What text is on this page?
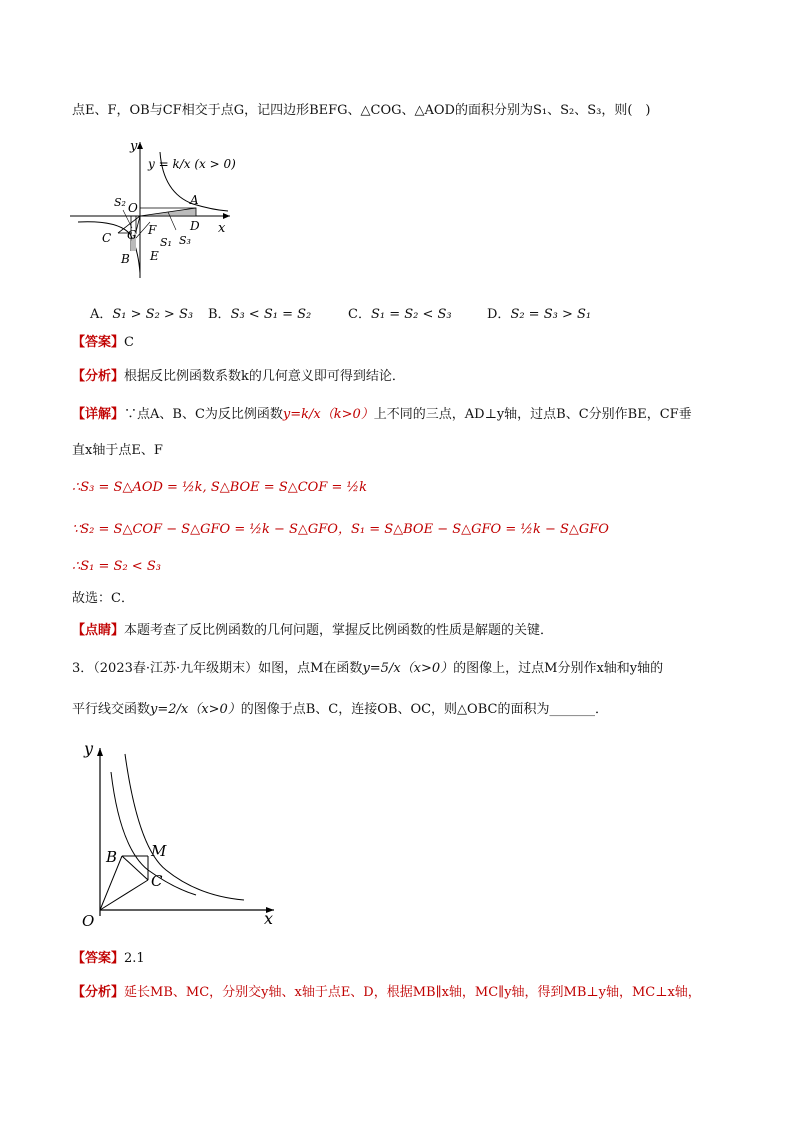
点E、F，OB与CF相交于点G，记四边形BEFG、△COG、△AOD的面积分别为S₁、S₂、S₃，则(　)
y
x
y = k/x (x > 0)
O
A
D
C G F
B E
S₂
S₁ S₃
A．S₁ > S₂ > S₃ B．S₃ < S₁ = S₂	C．S₁ = S₂ < S₃	D．S₂ = S₃ > S₁
【答案】C
【分析】根据反比例函数系数k的几何意义即可得到结论．
【详解】∵点A、B、C为反比例函数y=k/x（k>0）上不同的三点，AD⊥y轴，过点B、C分别作BE，CF垂
直x轴于点E、F
∴S₃ = S△AOD = ½k, S△BOE = S△COF = ½k
∵S₂ = S△COF − S△GFO = ½k − S△GFO，S₁ = S△BOE − S△GFO = ½k − S△GFO
∴S₁ = S₂ < S₃
故选：C．
【点睛】本题考查了反比例函数的几何问题，掌握反比例函数的性质是解题的关键．
3．（2023春·江苏·九年级期末）如图，点M在函数y=5/x（x>0）的图像上，过点M分别作x轴和y轴的
平行线交函数y=2/x（x>0）的图像于点B、C，连接OB、OC，则△OBC的面积为_______．
y
x
O
B M
C
【答案】2.1
【分析】延长MB、MC，分别交y轴、x轴于点E、D，根据MB∥x轴，MC∥y轴，得到MB⊥y轴，MC⊥x轴，
